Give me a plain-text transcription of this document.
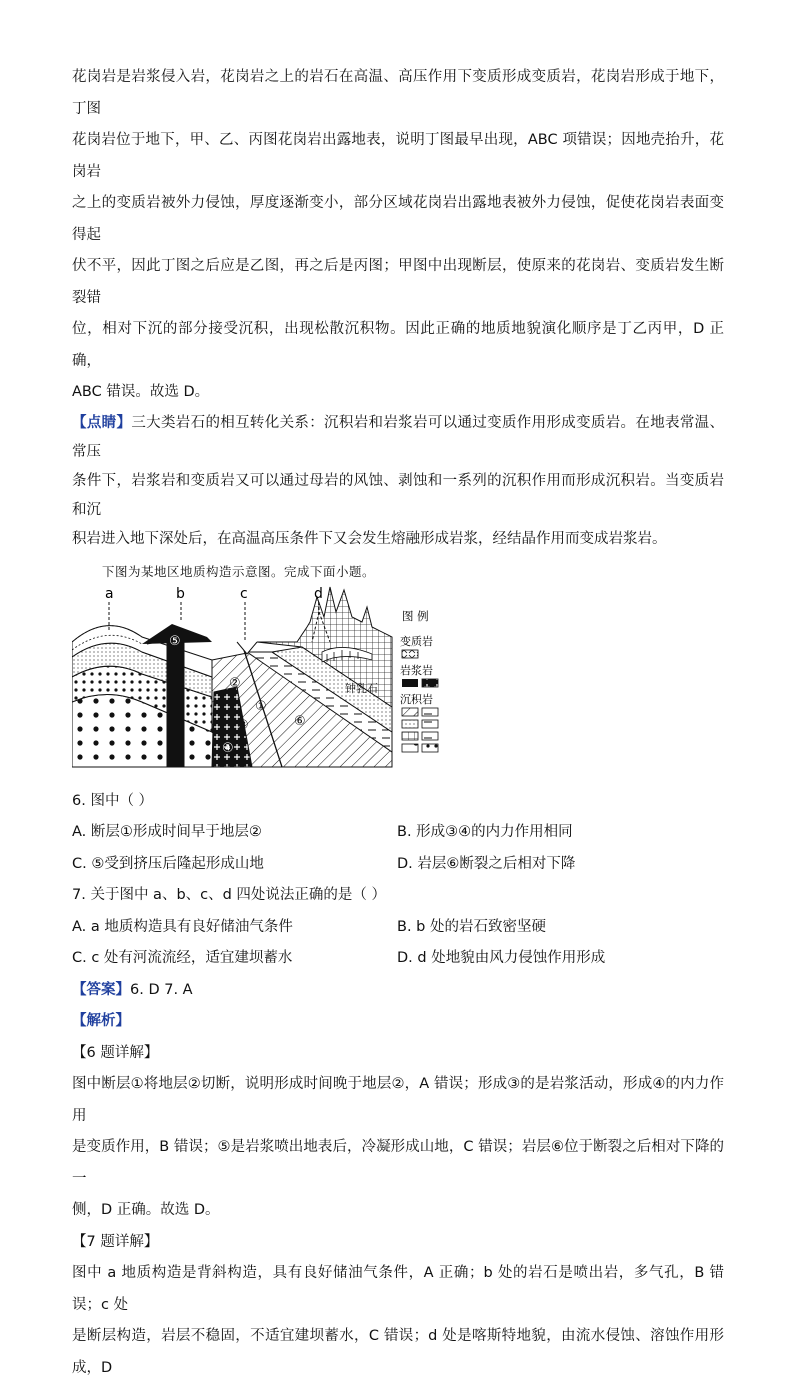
花岗岩是岩浆侵入岩，花岗岩之上的岩石在高温、高压作用下变质形成变质岩，花岗岩形成于地下，丁图
花岗岩位于地下，甲、乙、丙图花岗岩出露地表，说明丁图最早出现，ABC 项错误；因地壳抬升，花岗岩
之上的变质岩被外力侵蚀，厚度逐渐变小，部分区域花岗岩出露地表被外力侵蚀，促使花岗岩表面变得起
伏不平，因此丁图之后应是乙图，再之后是丙图；甲图中出现断层，使原来的花岗岩、变质岩发生断裂错
位，相对下沉的部分接受沉积，出现松散沉积物。因此正确的地质地貌演化顺序是丁乙丙甲，D 正确，
ABC 错误。故选 D。

【点睛】三大类岩石的相互转化关系：沉积岩和岩浆岩可以通过变质作用形成变质岩。在地表常温、常压
条件下，岩浆岩和变质岩又可以通过母岩的风蚀、剥蚀和一系列的沉积作用而形成沉积岩。当变质岩和沉
积岩进入地下深处后，在高温高压条件下又会发生熔融形成岩浆，经结晶作用而变成岩浆岩。

下图为某地区地质构造示意图。完成下面小题。
a	b	c	d
⑤
②
①
③
④
⑥
钟乳石
图 例
变质岩
岩浆岩
沉积岩

6. 图中（ ）

A. 断层①形成时间早于地层②	B. 形成③④的内力作用相同
C. ⑤受到挤压后隆起形成山地	D. 岩层⑥断裂之后相对下降

7. 关于图中 a、b、c、d 四处说法正确的是（ ）

A. a 地质构造具有良好储油气条件	B. b 处的岩石致密坚硬
C. c 处有河流流经，适宜建坝蓄水	D. d 处地貌由风力侵蚀作用形成

【答案】6. D 7. A

【解析】

【6 题详解】

图中断层①将地层②切断，说明形成时间晚于地层②，A 错误；形成③的是岩浆活动，形成④的内力作用
是变质作用，B 错误；⑤是岩浆喷出地表后，冷凝形成山地，C 错误；岩层⑥位于断裂之后相对下降的一
侧，D 正确。故选 D。

【7 题详解】

图中 a 地质构造是背斜构造，具有良好储油气条件，A 正确；b 处的岩石是喷出岩，多气孔，B 错误；c 处
是断层构造，岩层不稳固，不适宜建坝蓄水，C 错误；d 处是喀斯特地貌，由流水侵蚀、溶蚀作用形成，D
